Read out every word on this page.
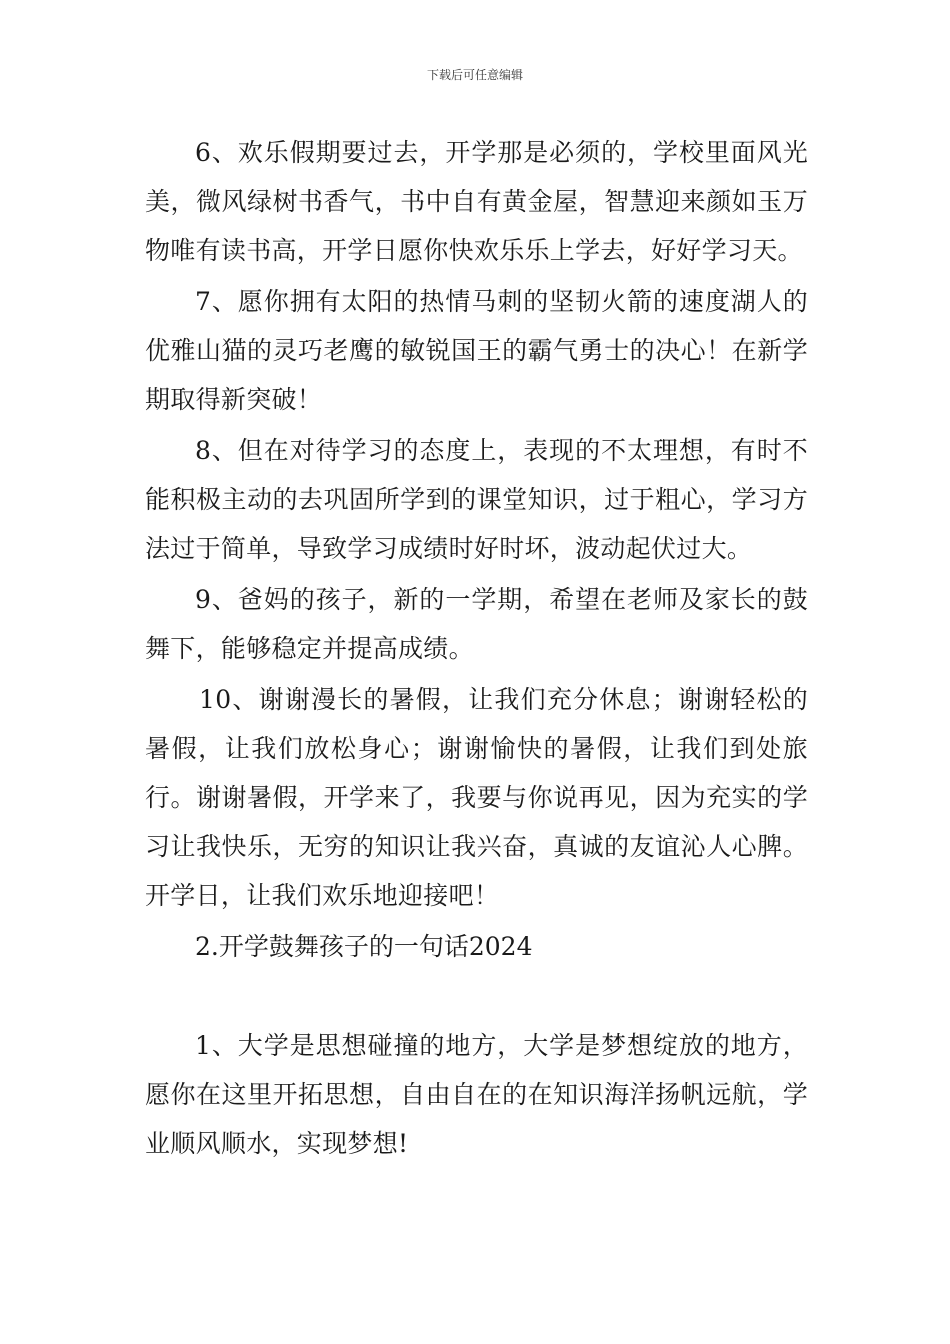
下载后可任意编辑

6、欢乐假期要过去，开学那是必须的，学校里面风光美，微风绿树书香气，书中自有黄金屋，智慧迎来颜如玉万物唯有读书高，开学日愿你快欢乐乐上学去，好好学习天。

7、愿你拥有太阳的热情马刺的坚韧火箭的速度湖人的优雅山猫的灵巧老鹰的敏锐国王的霸气勇士的决心！在新学期取得新突破！

8、但在对待学习的态度上，表现的不太理想，有时不能积极主动的去巩固所学到的课堂知识，过于粗心，学习方法过于简单，导致学习成绩时好时坏，波动起伏过大。

9、爸妈的孩子，新的一学期，希望在老师及家长的鼓舞下，能够稳定并提高成绩。

10、谢谢漫长的暑假，让我们充分休息；谢谢轻松的暑假，让我们放松身心；谢谢愉快的暑假，让我们到处旅行。谢谢暑假，开学来了，我要与你说再见，因为充实的学习让我快乐，无穷的知识让我兴奋，真诚的友谊沁人心脾。开学日，让我们欢乐地迎接吧！

2.开学鼓舞孩子的一句话2024

1、大学是思想碰撞的地方，大学是梦想绽放的地方，愿你在这里开拓思想，自由自在的在知识海洋扬帆远航，学业顺风顺水，实现梦想!
